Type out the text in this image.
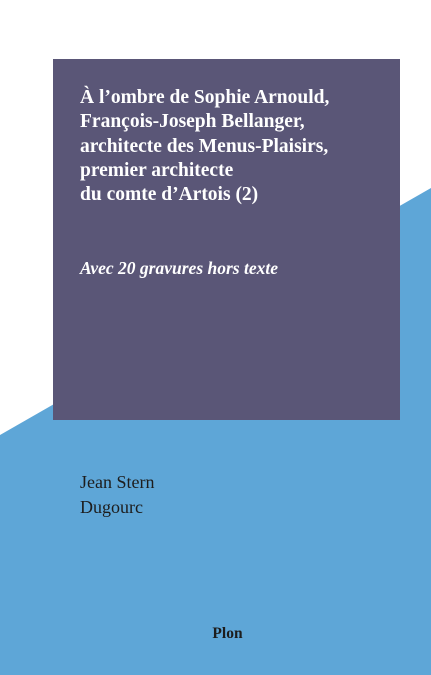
À l’ombre de Sophie Arnould,
François-Joseph Bellanger,
architecte des Menus-Plaisirs,
premier architecte
du comte d’Artois (2)

Avec 20 gravures hors texte

Jean Stern
Dugourc
Plon
